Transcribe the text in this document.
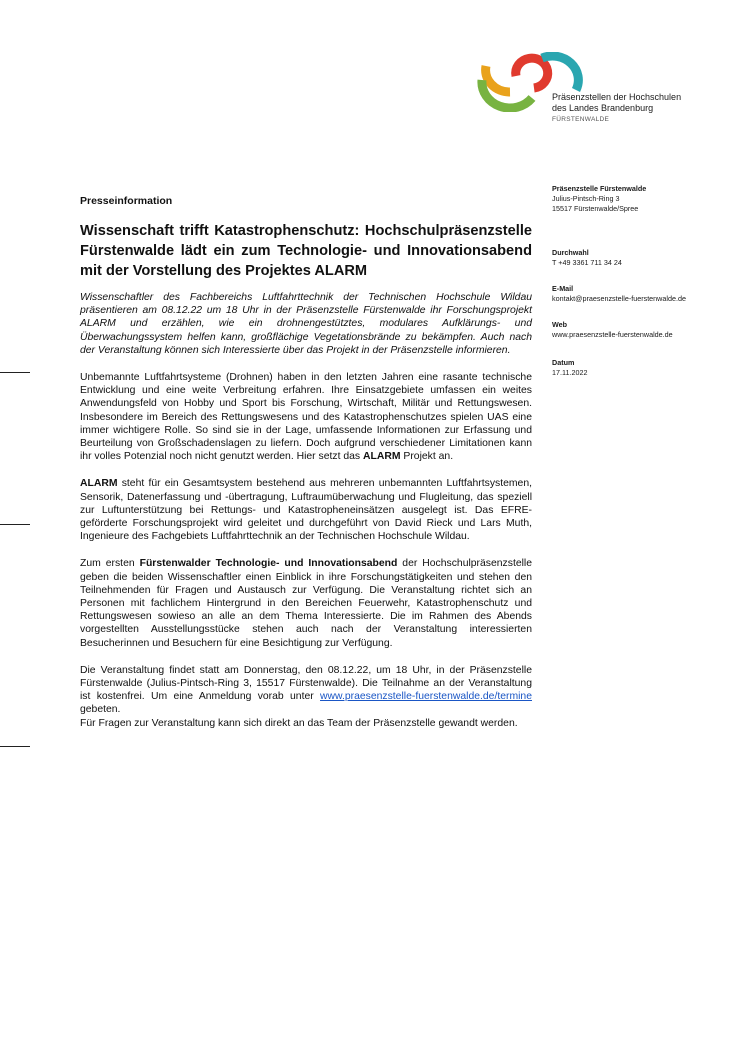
Präsenzstellen der Hochschulen
des Landes Brandenburg
FÜRSTENWALDE
Präsenzstelle Fürstenwalde
Julius-Pintsch-Ring 3
15517 Fürstenwalde/Spree
Durchwahl
T +49 3361 711 34 24
E-Mail
kontakt@praesenzstelle-fuerstenwalde.de
Web
www.praesenzstelle-fuerstenwalde.de
Datum
17.11.2022
Presseinformation
Wissenschaft trifft Katastrophenschutz: Hochschulpräsenzstelle Fürstenwalde lädt ein zum Technologie- und Innovationsabend mit der Vorstellung des Projektes ALARM

Wissenschaftler des Fachbereichs Luftfahrttechnik der Technischen Hochschule Wildau präsentieren am 08.12.22 um 18 Uhr in der Präsenzstelle Fürstenwalde ihr Forschungsprojekt ALARM und erzählen, wie ein drohnengestütztes, modulares Aufklärungs- und Überwachungssystem helfen kann, großflächige Vegetationsbrände zu bekämpfen. Auch nach der Veranstaltung können sich Interessierte über das Projekt in der Präsenzstelle informieren.

Unbemannte Luftfahrtsysteme (Drohnen) haben in den letzten Jahren eine rasante technische Entwicklung und eine weite Verbreitung erfahren. Ihre Einsatzgebiete umfassen ein weites Anwendungsfeld von Hobby und Sport bis Forschung, Wirtschaft, Militär und Rettungswesen. Insbesondere im Bereich des Rettungswesens und des Katastrophenschutzes spielen UAS eine immer wichtigere Rolle. So sind sie in der Lage, umfassende Informationen zur Erfassung und Beurteilung von Großschadenslagen zu liefern. Doch aufgrund verschiedener Limitationen kann ihr volles Potenzial noch nicht genutzt werden. Hier setzt das ALARM Projekt an.

ALARM steht für ein Gesamtsystem bestehend aus mehreren unbemannten Luftfahrtsystemen, Sensorik, Datenerfassung und -übertragung, Luftraumüberwachung und Flugleitung, das speziell zur Luftunterstützung bei Rettungs- und Katastropheneinsätzen ausgelegt ist. Das EFRE-geförderte Forschungsprojekt wird geleitet und durchgeführt von David Rieck und Lars Muth, Ingenieure des Fachgebiets Luftfahrttechnik an der Technischen Hochschule Wildau.

Zum ersten Fürstenwalder Technologie- und Innovationsabend der Hochschulpräsenzstelle geben die beiden Wissenschaftler einen Einblick in ihre Forschungstätigkeiten und stehen den Teilnehmenden für Fragen und Austausch zur Verfügung. Die Veranstaltung richtet sich an Personen mit fachlichem Hintergrund in den Bereichen Feuerwehr, Katastrophenschutz und Rettungswesen sowieso an alle an dem Thema Interessierte. Die im Rahmen des Abends vorgestellten Ausstellungsstücke stehen auch nach der Veranstaltung interessierten Besucherinnen und Besuchern für eine Besichtigung zur Verfügung.

Die Veranstaltung findet statt am Donnerstag, den 08.12.22, um 18 Uhr, in der Präsenzstelle Fürstenwalde (Julius-Pintsch-Ring 3, 15517 Fürstenwalde). Die Teilnahme an der Veranstaltung ist kostenfrei. Um eine Anmeldung vorab unter www.praesenzstelle-fuerstenwalde.de/termine gebeten.

Für Fragen zur Veranstaltung kann sich direkt an das Team der Präsenzstelle gewandt werden.
